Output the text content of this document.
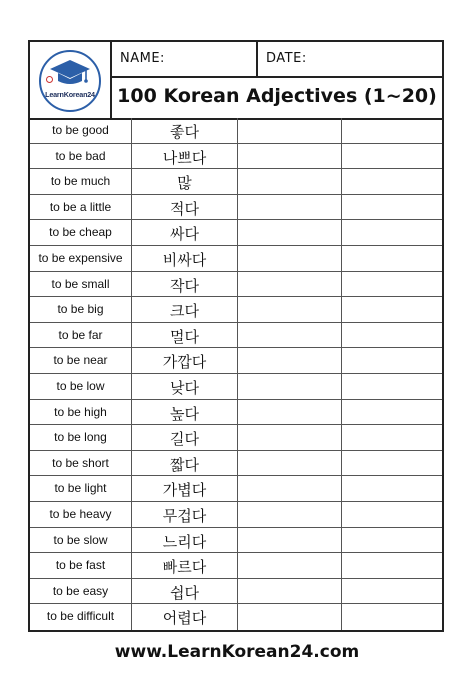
LearnKorean24
NAME:	DATE:
100 Korean Adjectives (1~20)
to be good	좋다
to be bad	나쁘다
to be much	많
to be a little	적다
to be cheap	싸다
to be expensive	비싸다
to be small	작다
to be big	크다
to be far	멀다
to be near	가깝다
to be low	낮다
to be high	높다
to be long	길다
to be short	짧다
to be light	가볍다
to be heavy	무겁다
to be slow	느리다
to be fast	빠르다
to be easy	쉽다
to be difficult	어렵다
www.LearnKorean24.com
